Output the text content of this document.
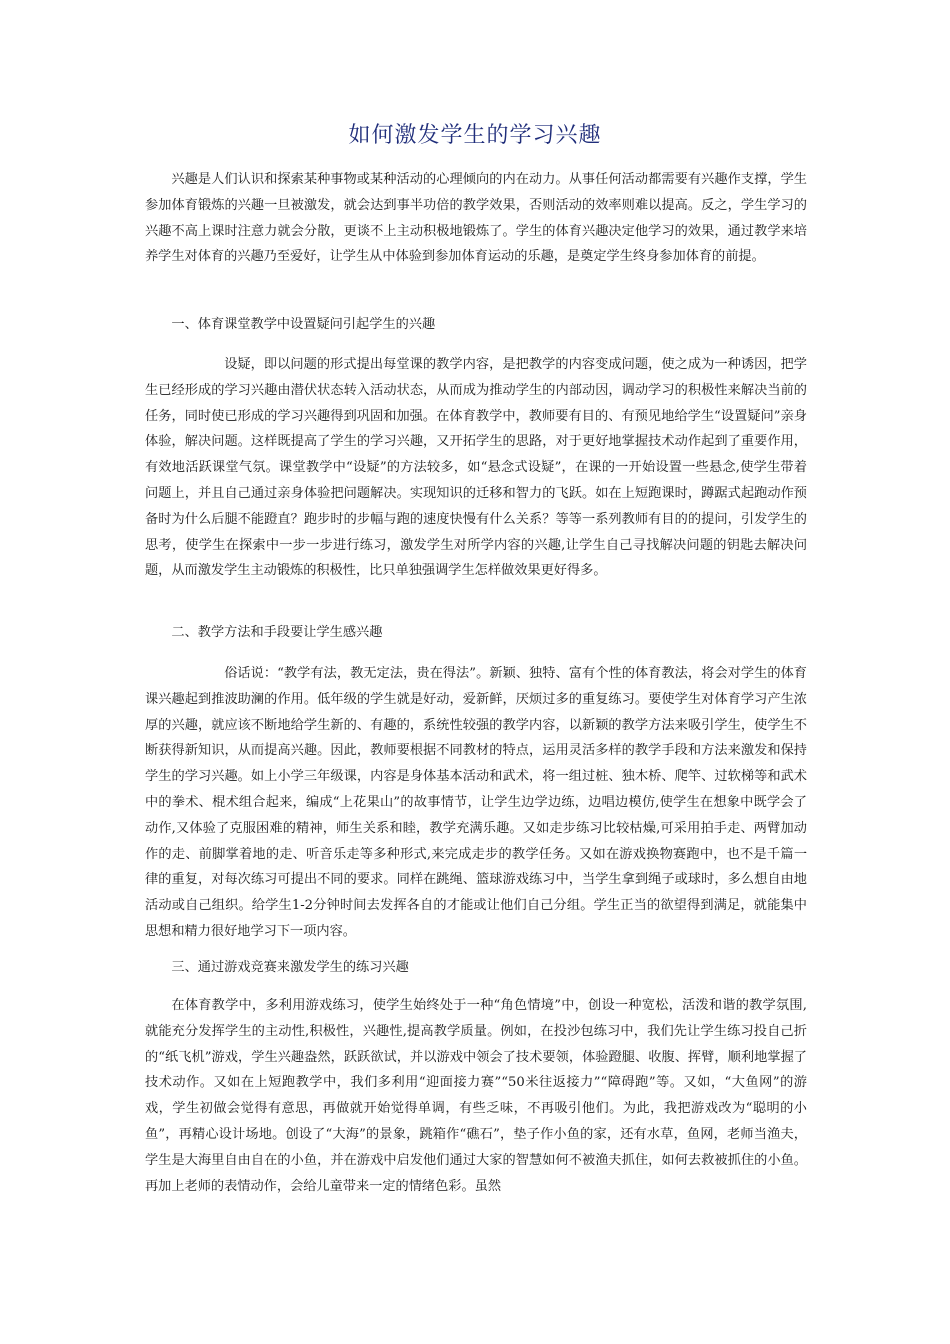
如何激发学生的学习兴趣

兴趣是人们认识和探索某种事物或某种活动的心理倾向的内在动力。从事任何活动都需要有兴趣作支撑，学生参加体育锻炼的兴趣一旦被激发，就会达到事半功倍的教学效果，否则活动的效率则难以提高。反之，学生学习的兴趣不高上课时注意力就会分散，更谈不上主动积极地锻炼了。学生的体育兴趣决定他学习的效果，通过教学来培养学生对体育的兴趣乃至爱好，让学生从中体验到参加体育运动的乐趣，是奠定学生终身参加体育的前提。

一、体育课堂教学中设置疑问引起学生的兴趣

设疑，即以问题的形式提出每堂课的教学内容，是把教学的内容变成问题，使之成为一种诱因，把学生已经形成的学习兴趣由潜伏状态转入活动状态，从而成为推动学生的内部动因，调动学习的积极性来解决当前的任务，同时使已形成的学习兴趣得到巩固和加强。在体育教学中，教师要有目的、有预见地给学生“设置疑问”亲身体验，解决问题。这样既提高了学生的学习兴趣，又开拓学生的思路，对于更好地掌握技术动作起到了重要作用，有效地活跃课堂气氛。课堂教学中“设疑”的方法较多，如“悬念式设疑”，在课的一开始设置一些悬念,使学生带着问题上，并且自己通过亲身体验把问题解决。实现知识的迁移和智力的飞跃。如在上短跑课时，蹲踞式起跑动作预备时为什么后腿不能蹬直？跑步时的步幅与跑的速度快慢有什么关系？等等一系列教师有目的的提问，引发学生的思考，使学生在探索中一步一步进行练习，激发学生对所学内容的兴趣,让学生自己寻找解决问题的钥匙去解决问题，从而激发学生主动锻炼的积极性，比只单独强调学生怎样做效果更好得多。

二、教学方法和手段要让学生感兴趣

俗话说：“教学有法，教无定法，贵在得法”。新颖、独特、富有个性的体育教法，将会对学生的体育课兴趣起到推波助澜的作用。低年级的学生就是好动，爱新鲜，厌烦过多的重复练习。要使学生对体育学习产生浓厚的兴趣，就应该不断地给学生新的、有趣的，系统性较强的教学内容，以新颖的教学方法来吸引学生，使学生不断获得新知识，从而提高兴趣。因此，教师要根据不同教材的特点，运用灵活多样的教学手段和方法来激发和保持学生的学习兴趣。如上小学三年级课，内容是身体基本活动和武术，将一组过桩、独木桥、爬竿、过软梯等和武术中的拳术、棍术组合起来，编成“上花果山”的故事情节，让学生边学边练，边唱边模仿,使学生在想象中既学会了动作,又体验了克服困难的精神，师生关系和睦，教学充满乐趣。又如走步练习比较枯燥,可采用拍手走、两臂加动作的走、前脚掌着地的走、听音乐走等多种形式,来完成走步的教学任务。又如在游戏换物赛跑中，也不是千篇一律的重复，对每次练习可提出不同的要求。同样在跳绳、篮球游戏练习中，当学生拿到绳子或球时，多么想自由地活动或自己组织。给学生1-2分钟时间去发挥各自的才能或让他们自己分组。学生正当的欲望得到满足，就能集中思想和精力很好地学习下一项内容。

三、通过游戏竞赛来激发学生的练习兴趣

在体育教学中，多利用游戏练习，使学生始终处于一种“角色情境”中，创设一种宽松，活泼和谐的教学氛围,就能充分发挥学生的主动性,积极性，兴趣性,提高教学质量。例如，在投沙包练习中，我们先让学生练习投自己折的“纸飞机”游戏，学生兴趣盎然，跃跃欲试，并以游戏中领会了技术要领，体验蹬腿、收腹、挥臂，顺利地掌握了技术动作。又如在上短跑教学中，我们多利用“迎面接力赛”“50米往返接力”“障碍跑”等。又如，“大鱼网”的游戏，学生初做会觉得有意思，再做就开始觉得单调，有些乏味，不再吸引他们。为此，我把游戏改为“聪明的小鱼”，再精心设计场地。创设了“大海”的景象，跳箱作“礁石”，垫子作小鱼的家，还有水草，鱼网，老师当渔夫，学生是大海里自由自在的小鱼，并在游戏中启发他们通过大家的智慧如何不被渔夫抓住，如何去救被抓住的小鱼。再加上老师的表情动作，会给儿童带来一定的情绪色彩。虽然
